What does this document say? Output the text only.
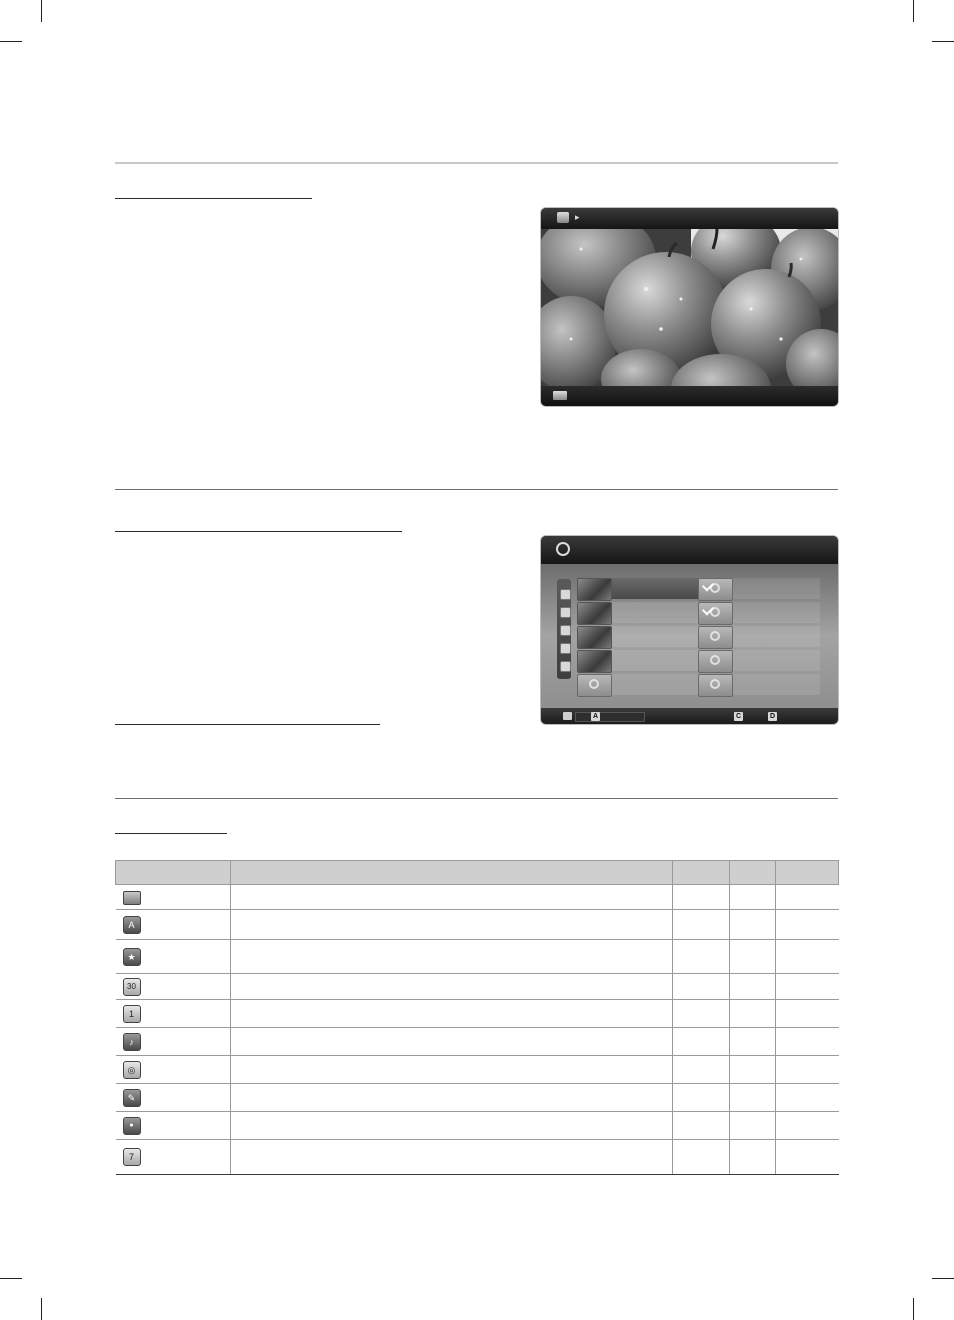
▸
A	C	D

A				
★				
30				
1				
♪				
◎				
✎				
●				
7				
